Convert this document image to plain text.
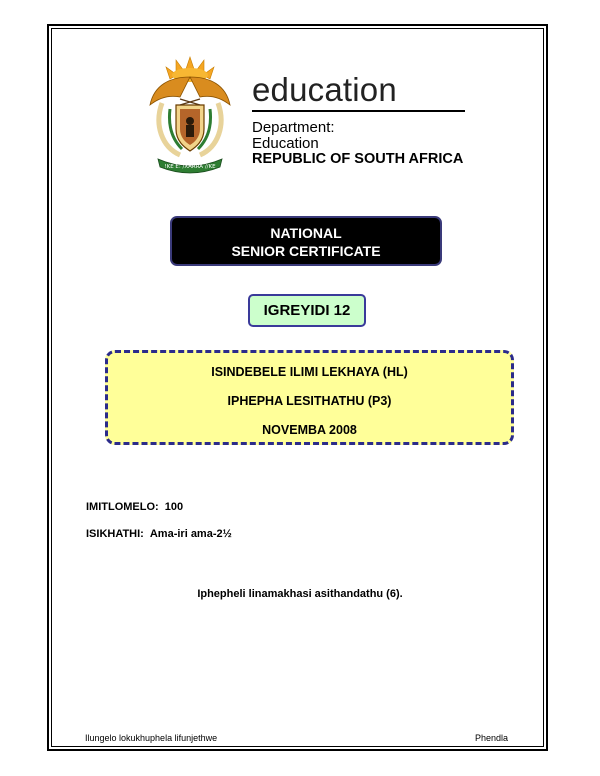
!KE E: /XARRA //KE
education
Department:
Education
REPUBLIC OF SOUTH AFRICA
NATIONAL
SENIOR CERTIFICATE
IGREYIDI 12
ISINDEBELE ILIMI LEKHAYA (HL)
IPHEPHA LESITHATHU (P3)
NOVEMBA 2008
IMITLOMELO: 100
ISIKHATHI: Ama-iri ama-2½
Iphepheli linamakhasi asithandathu (6).
Ilungelo lokukhuphela lifunjethwe	Phendla
